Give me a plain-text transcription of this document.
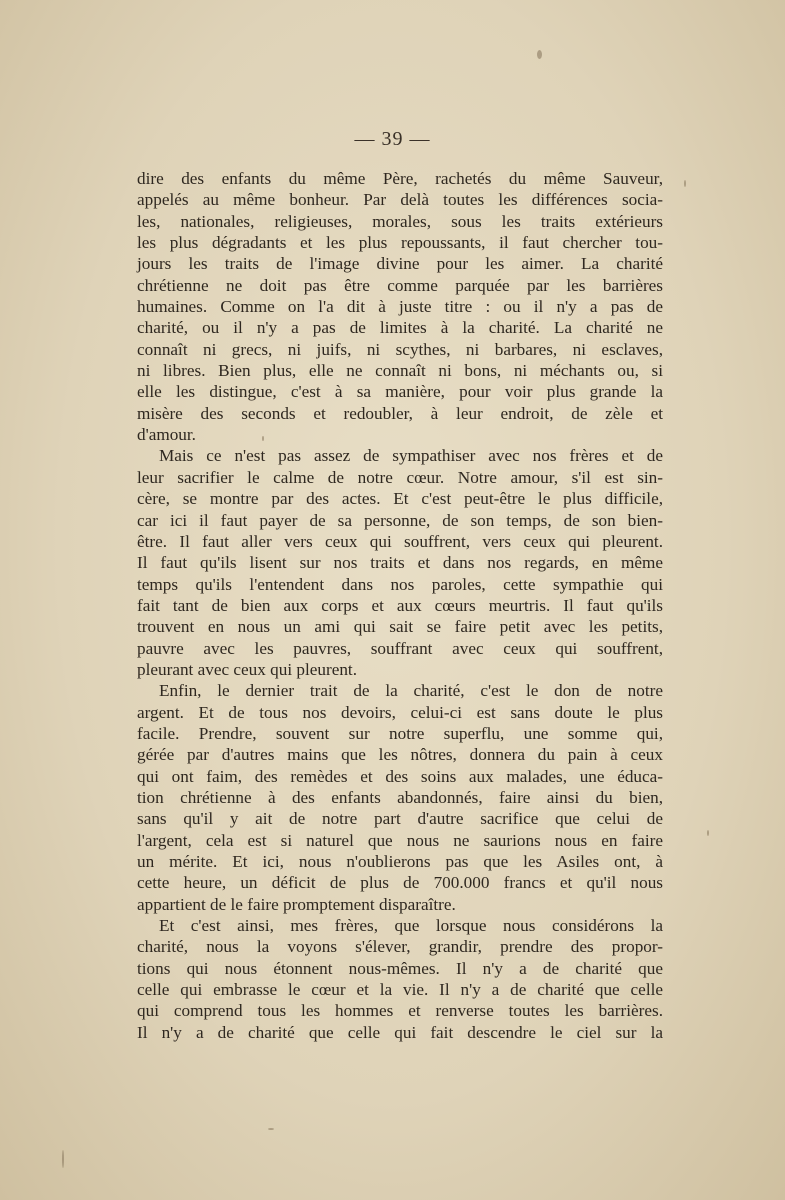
— 39 —
dire des enfants du même Père, rachetés du même Sauveur,
appelés au même bonheur. Par delà toutes les différences socia-
les, nationales, religieuses, morales, sous les traits extérieurs
les plus dégradants et les plus repoussants, il faut chercher tou-
jours les traits de l'image divine pour les aimer. La charité
chrétienne ne doit pas être comme parquée par les barrières
humaines. Comme on l'a dit à juste titre : ou il n'y a pas de
charité, ou il n'y a pas de limites à la charité. La charité ne
connaît ni grecs, ni juifs, ni scythes, ni barbares, ni esclaves,
ni libres. Bien plus, elle ne connaît ni bons, ni méchants ou, si
elle les distingue, c'est à sa manière, pour voir plus grande la
misère des seconds et redoubler, à leur endroit, de zèle et
d'amour.
Mais ce n'est pas assez de sympathiser avec nos frères et de
leur sacrifier le calme de notre cœur. Notre amour, s'il est sin-
cère, se montre par des actes. Et c'est peut-être le plus difficile,
car ici il faut payer de sa personne, de son temps, de son bien-
être. Il faut aller vers ceux qui souffrent, vers ceux qui pleurent.
Il faut qu'ils lisent sur nos traits et dans nos regards, en même
temps qu'ils l'entendent dans nos paroles, cette sympathie qui
fait tant de bien aux corps et aux cœurs meurtris. Il faut qu'ils
trouvent en nous un ami qui sait se faire petit avec les petits,
pauvre avec les pauvres, souffrant avec ceux qui souffrent,
pleurant avec ceux qui pleurent.
Enfin, le dernier trait de la charité, c'est le don de notre
argent. Et de tous nos devoirs, celui-ci est sans doute le plus
facile. Prendre, souvent sur notre superflu, une somme qui,
gérée par d'autres mains que les nôtres, donnera du pain à ceux
qui ont faim, des remèdes et des soins aux malades, une éduca-
tion chrétienne à des enfants abandonnés, faire ainsi du bien,
sans qu'il y ait de notre part d'autre sacrifice que celui de
l'argent, cela est si naturel que nous ne saurions nous en faire
un mérite. Et ici, nous n'oublierons pas que les Asiles ont, à
cette heure, un déficit de plus de 700.000 francs et qu'il nous
appartient de le faire promptement disparaître.
Et c'est ainsi, mes frères, que lorsque nous considérons la
charité, nous la voyons s'élever, grandir, prendre des propor-
tions qui nous étonnent nous-mêmes. Il n'y a de charité que
celle qui embrasse le cœur et la vie. Il n'y a de charité que celle
qui comprend tous les hommes et renverse toutes les barrières.
Il n'y a de charité que celle qui fait descendre le ciel sur la
